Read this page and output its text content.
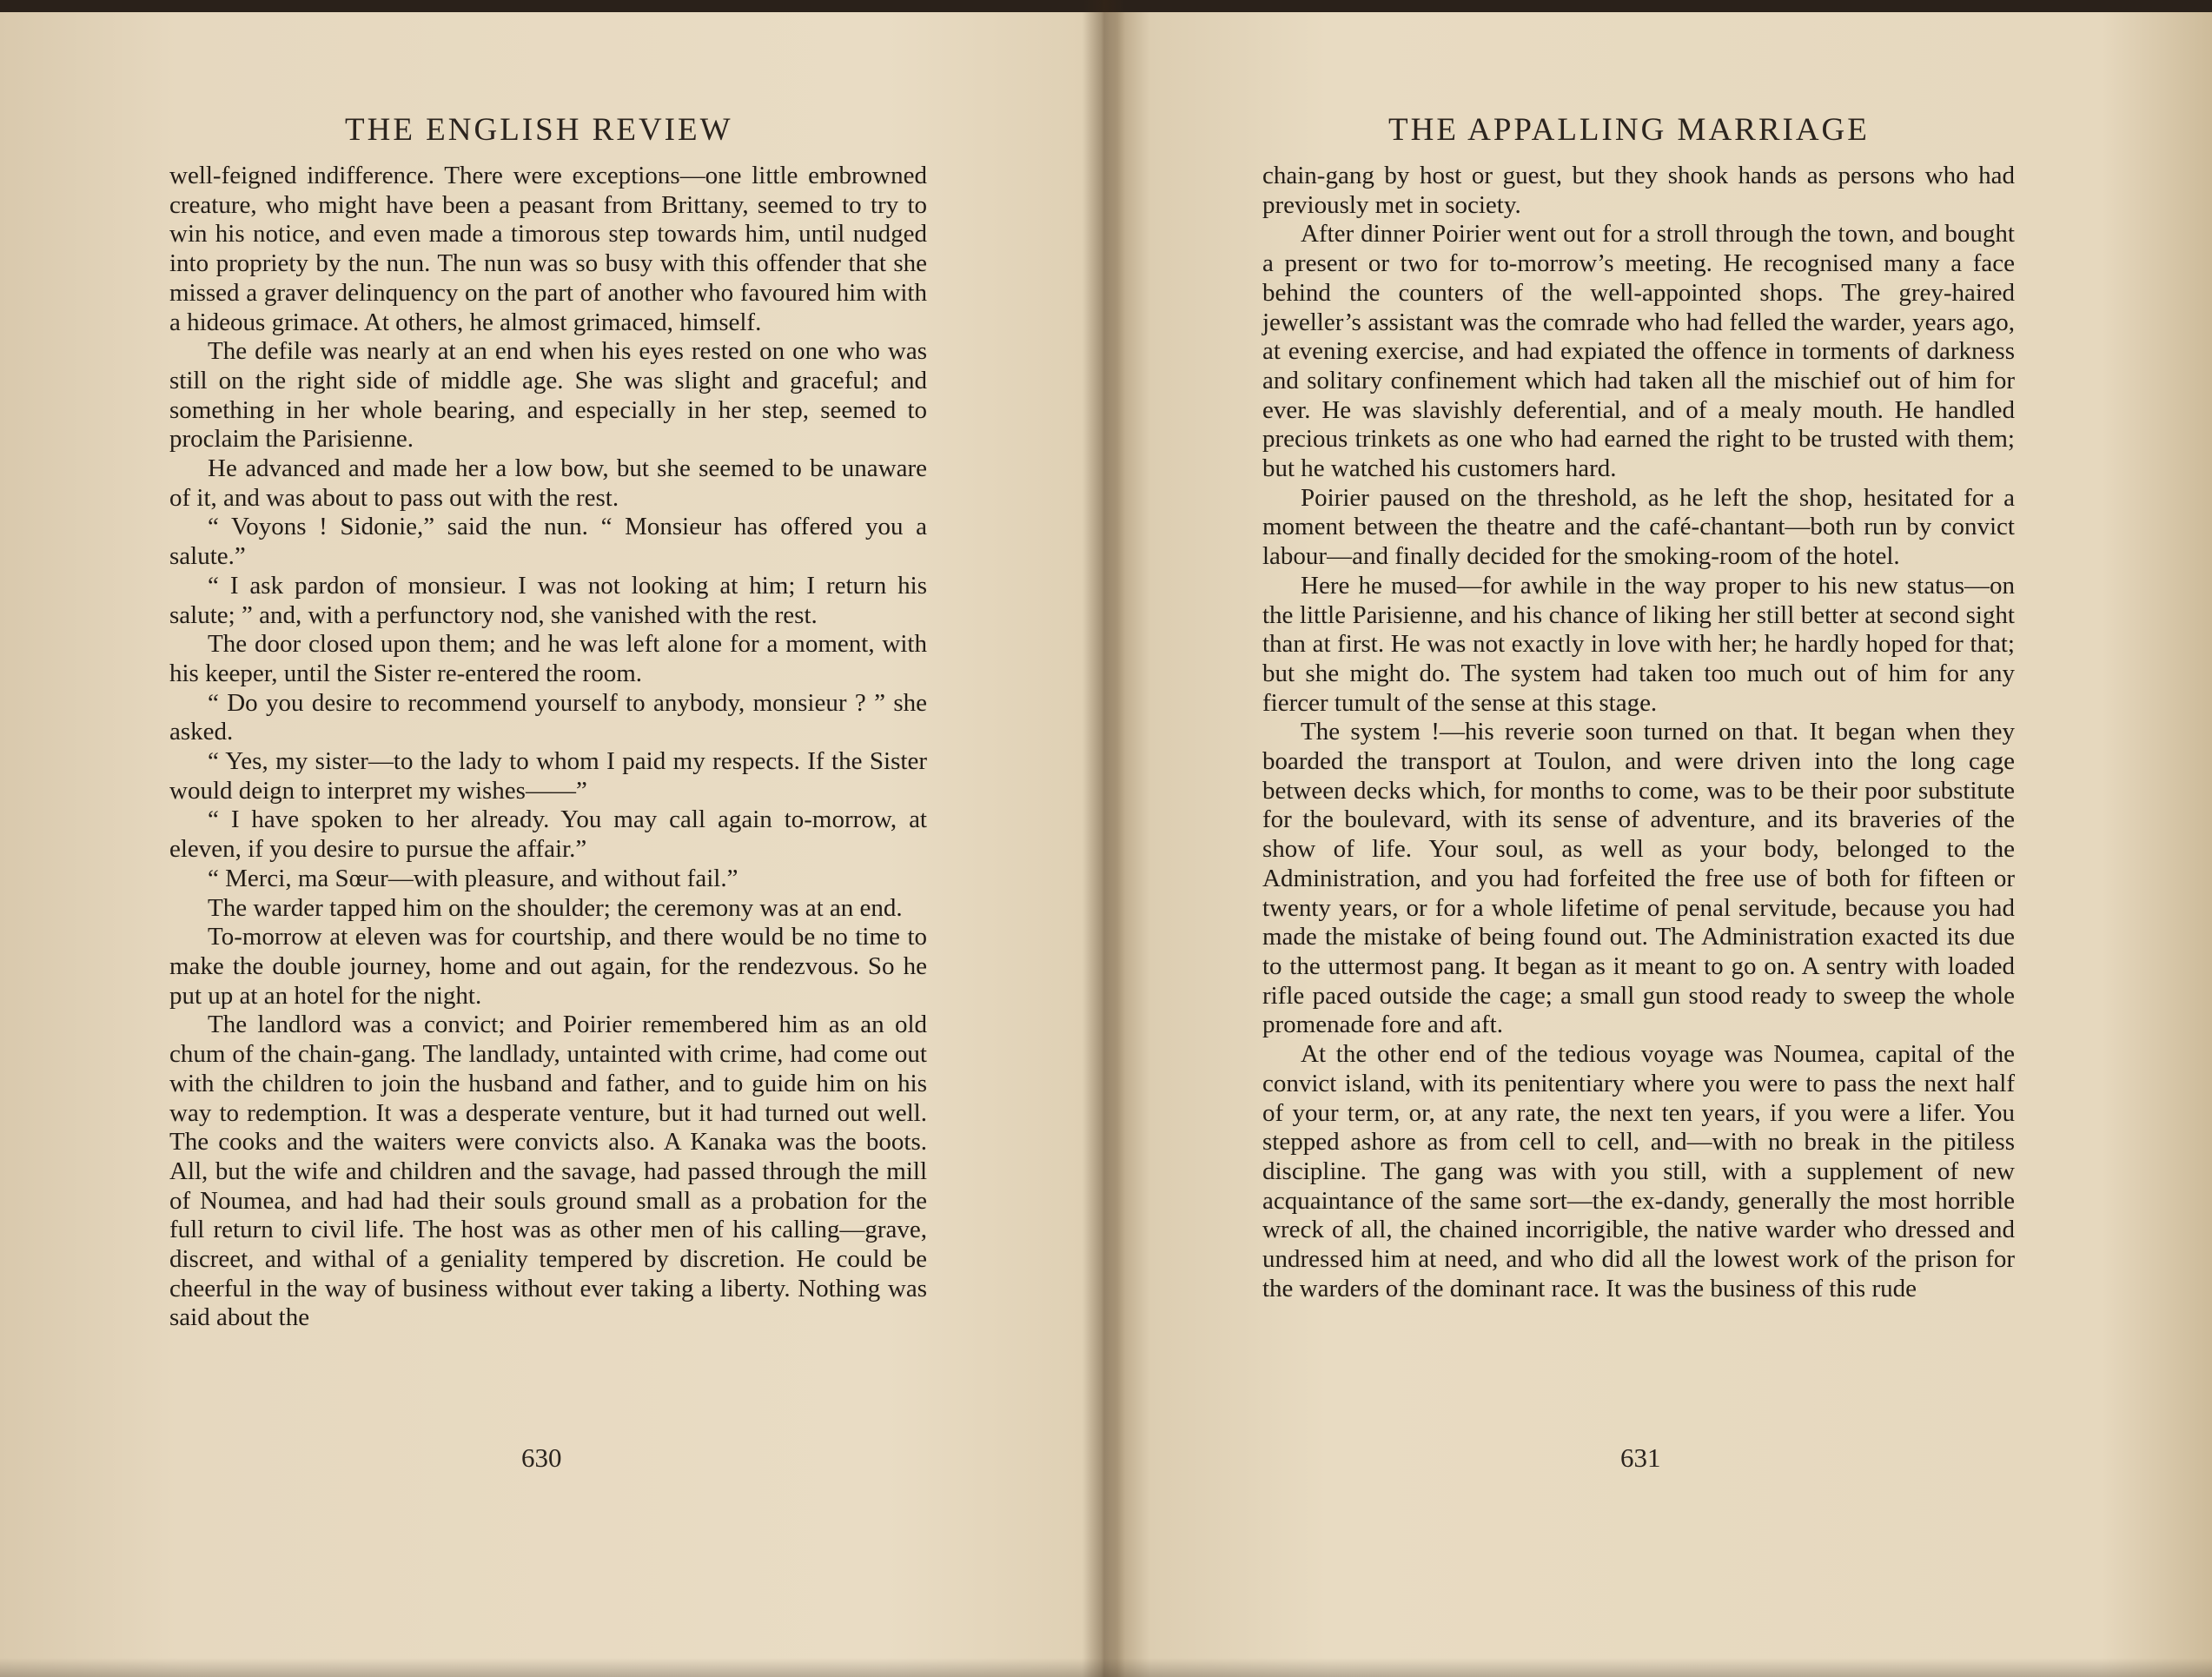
THE ENGLISH REVIEW

well-feigned indifference. There were exceptions—one little embrowned creature, who might have been a peasant from Brittany, seemed to try to win his notice, and even made a timorous step towards him, until nudged into propriety by the nun. The nun was so busy with this offender that she missed a graver delinquency on the part of another who favoured him with a hideous grimace. At others, he almost grimaced, himself.

The defile was nearly at an end when his eyes rested on one who was still on the right side of middle age. She was slight and graceful; and something in her whole bearing, and especially in her step, seemed to proclaim the Parisienne.

He advanced and made her a low bow, but she seemed to be unaware of it, and was about to pass out with the rest.

“ Voyons ! Sidonie,” said the nun. “ Monsieur has offered you a salute.”

“ I ask pardon of monsieur. I was not looking at him; I return his salute; ” and, with a perfunctory nod, she vanished with the rest.

The door closed upon them; and he was left alone for a moment, with his keeper, until the Sister re-entered the room.

“ Do you desire to recommend yourself to anybody, monsieur ? ” she asked.

“ Yes, my sister—to the lady to whom I paid my respects. If the Sister would deign to interpret my wishes——”

“ I have spoken to her already. You may call again to-morrow, at eleven, if you desire to pursue the affair.”

“ Merci, ma Sœur—with pleasure, and without fail.”

The warder tapped him on the shoulder; the ceremony was at an end.

To-morrow at eleven was for courtship, and there would be no time to make the double journey, home and out again, for the rendezvous. So he put up at an hotel for the night.

The landlord was a convict; and Poirier remembered him as an old chum of the chain-gang. The landlady, untainted with crime, had come out with the children to join the husband and father, and to guide him on his way to redemption. It was a desperate venture, but it had turned out well. The cooks and the waiters were convicts also. A Kanaka was the boots. All, but the wife and children and the savage, had passed through the mill of Noumea, and had had their souls ground small as a probation for the full return to civil life. The host was as other men of his calling—grave, discreet, and withal of a geniality tempered by discretion. He could be cheerful in the way of business without ever taking a liberty. Nothing was said about the

630
THE APPALLING MARRIAGE

chain-gang by host or guest, but they shook hands as persons who had previously met in society.

After dinner Poirier went out for a stroll through the town, and bought a present or two for to-morrow’s meeting. He recognised many a face behind the counters of the well-appointed shops. The grey-haired jeweller’s assistant was the comrade who had felled the warder, years ago, at evening exercise, and had expiated the offence in torments of darkness and solitary confinement which had taken all the mischief out of him for ever. He was slavishly deferential, and of a mealy mouth. He handled precious trinkets as one who had earned the right to be trusted with them; but he watched his customers hard.

Poirier paused on the threshold, as he left the shop, hesitated for a moment between the theatre and the café-chantant—both run by convict labour—and finally decided for the smoking-room of the hotel.

Here he mused—for awhile in the way proper to his new status—on the little Parisienne, and his chance of liking her still better at second sight than at first. He was not exactly in love with her; he hardly hoped for that; but she might do. The system had taken too much out of him for any fiercer tumult of the sense at this stage.

The system !—his reverie soon turned on that. It began when they boarded the transport at Toulon, and were driven into the long cage between decks which, for months to come, was to be their poor substitute for the boulevard, with its sense of adventure, and its braveries of the show of life. Your soul, as well as your body, belonged to the Administration, and you had forfeited the free use of both for fifteen or twenty years, or for a whole lifetime of penal servitude, because you had made the mistake of being found out. The Administration exacted its due to the uttermost pang. It began as it meant to go on. A sentry with loaded rifle paced outside the cage; a small gun stood ready to sweep the whole promenade fore and aft.

At the other end of the tedious voyage was Noumea, capital of the convict island, with its penitentiary where you were to pass the next half of your term, or, at any rate, the next ten years, if you were a lifer. You stepped ashore as from cell to cell, and—with no break in the pitiless discipline. The gang was with you still, with a supplement of new acquaintance of the same sort—the ex-dandy, generally the most horrible wreck of all, the chained incorrigible, the native warder who dressed and undressed him at need, and who did all the lowest work of the prison for the warders of the dominant race. It was the business of this rude

631
